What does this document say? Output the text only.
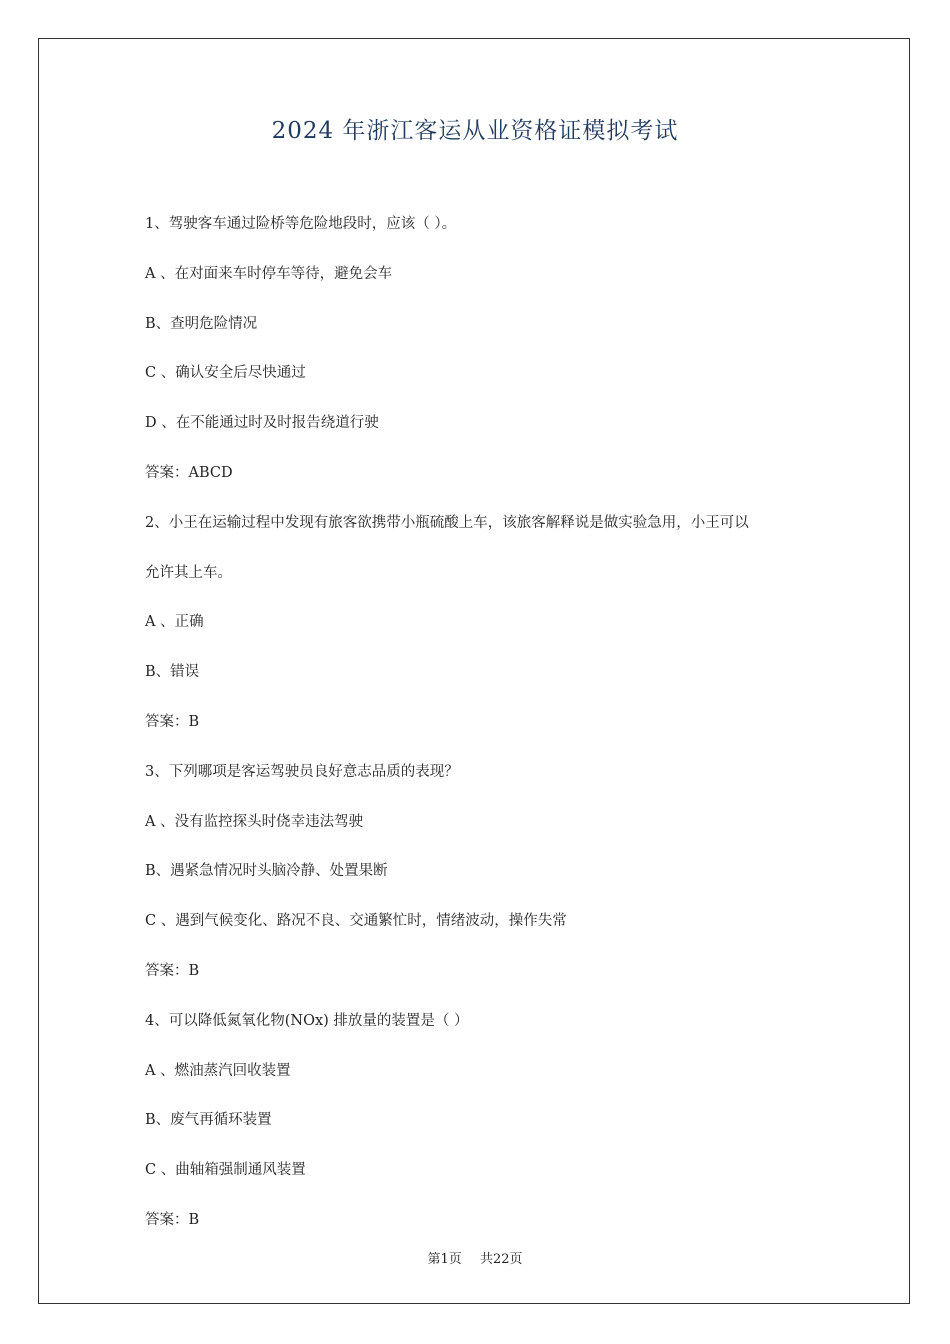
2024 年浙江客运从业资格证模拟考试
1、驾驶客车通过险桥等危险地段时，应该（ ）。
A 、在对面来车时停车等待，避免会车
B、查明危险情况
C 、确认安全后尽快通过
D 、在不能通过时及时报告绕道行驶
答案：ABCD
2、小王在运输过程中发现有旅客欲携带小瓶硫酸上车，该旅客解释说是做实验急用，小王可以
允许其上车。
A 、正确
B、错误
答案：B
3、下列哪项是客运驾驶员良好意志品质的表现？
A 、没有监控探头时侥幸违法驾驶
B、遇紧急情况时头脑冷静、处置果断
C 、遇到气候变化、路况不良、交通繁忙时，情绪波动，操作失常
答案：B
4、可以降低氮氧化物(NOx) 排放量的装置是（ ）
A 、燃油蒸汽回收装置
B、废气再循环装置
C 、曲轴箱强制通风装置
答案：B
第1页 共22页
